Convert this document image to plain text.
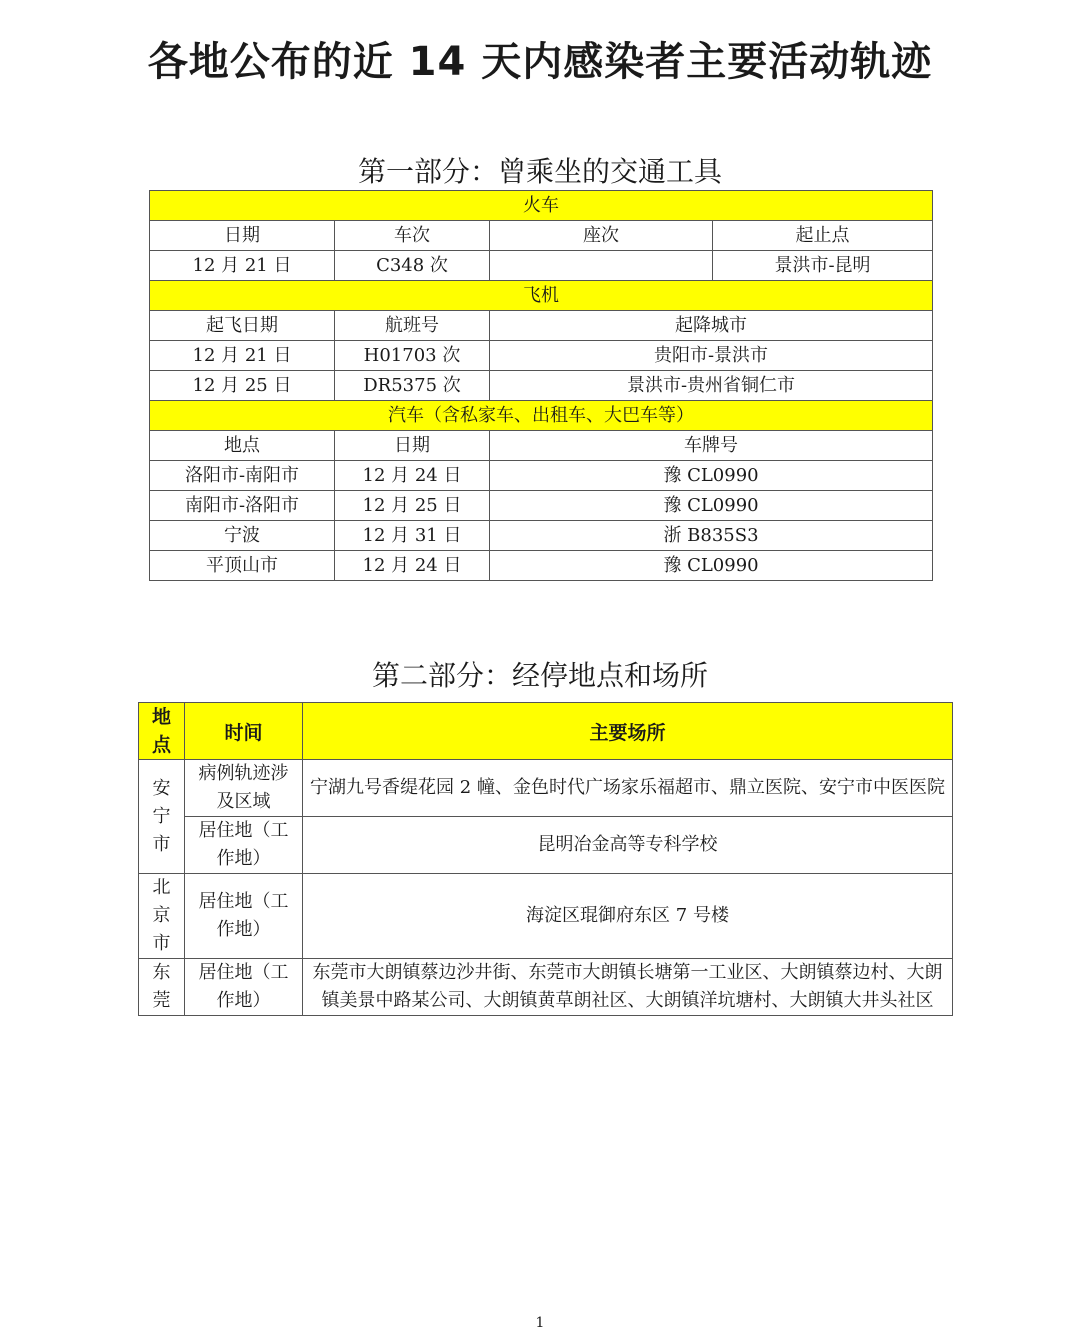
各地公布的近 14 天内感染者主要活动轨迹
第一部分：曾乘坐的交通工具
火车			
日期	车次	座次	起止点
12 月 21 日	C348 次		景洪市-昆明
飞机			
起飞日期	航班号	起降城市	
12 月 21 日	H01703 次	贵阳市-景洪市	
12 月 25 日	DR5375 次	景洪市-贵州省铜仁市	
汽车（含私家车、出租车、大巴车等）			
地点	日期	车牌号	
洛阳市-南阳市	12 月 24 日	豫 CL0990	
南阳市-洛阳市	12 月 25 日	豫 CL0990	
宁波	12 月 31 日	浙 B835S3	
平顶山市	12 月 24 日	豫 CL0990	
第二部分：经停地点和场所
地点	时间	主要场所
安宁市	病例轨迹涉及区域	宁湖九号香缇花园 2 幢、金色时代广场家乐福超市、鼎立医院、安宁市中医医院
	居住地（工作地）	昆明冶金高等专科学校
北京市	居住地（工作地）	海淀区琨御府东区 7 号楼
东莞	居住地（工作地）	东莞市大朗镇蔡边沙井街、东莞市大朗镇长塘第一工业区、大朗镇蔡边村、大朗镇美景中路某公司、大朗镇黄草朗社区、大朗镇洋坑塘村、大朗镇大井头社区
1
